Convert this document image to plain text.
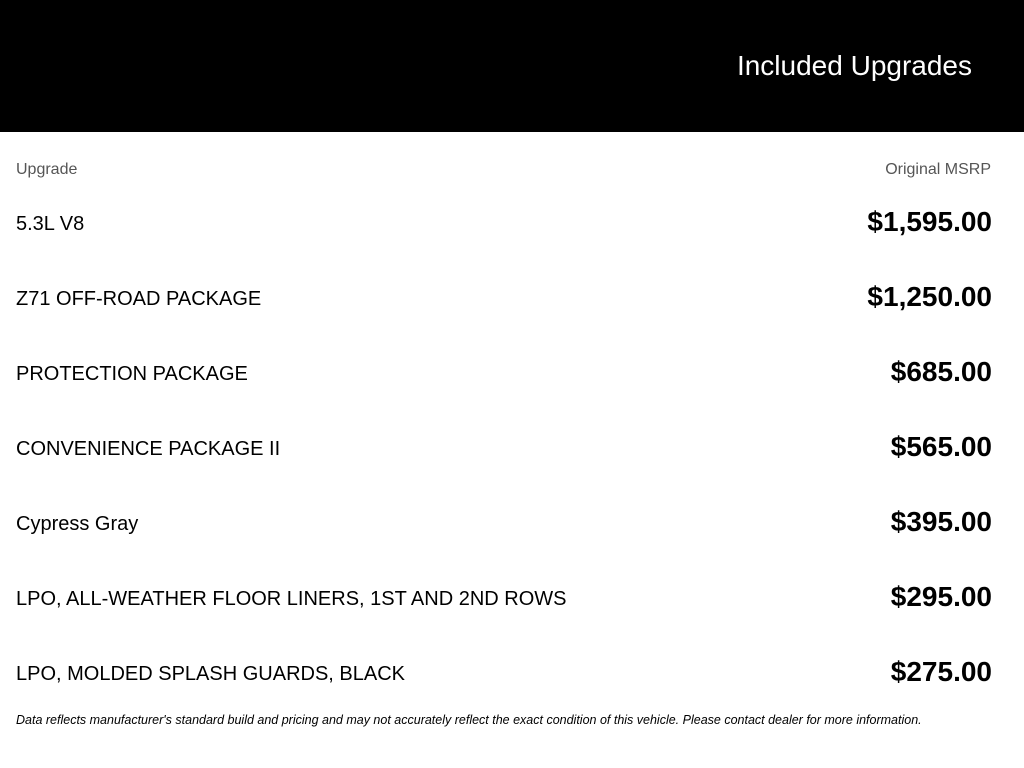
Included Upgrades
Upgrade	Original MSRP
5.3L V8	$1,595.00
Z71 OFF-ROAD PACKAGE	$1,250.00
PROTECTION PACKAGE	$685.00
CONVENIENCE PACKAGE II	$565.00
Cypress Gray	$395.00
LPO, ALL-WEATHER FLOOR LINERS, 1ST AND 2ND ROWS	$295.00
LPO, MOLDED SPLASH GUARDS, BLACK	$275.00
Data reflects manufacturer's standard build and pricing and may not accurately reflect the exact condition of this vehicle. Please contact dealer for more information.
